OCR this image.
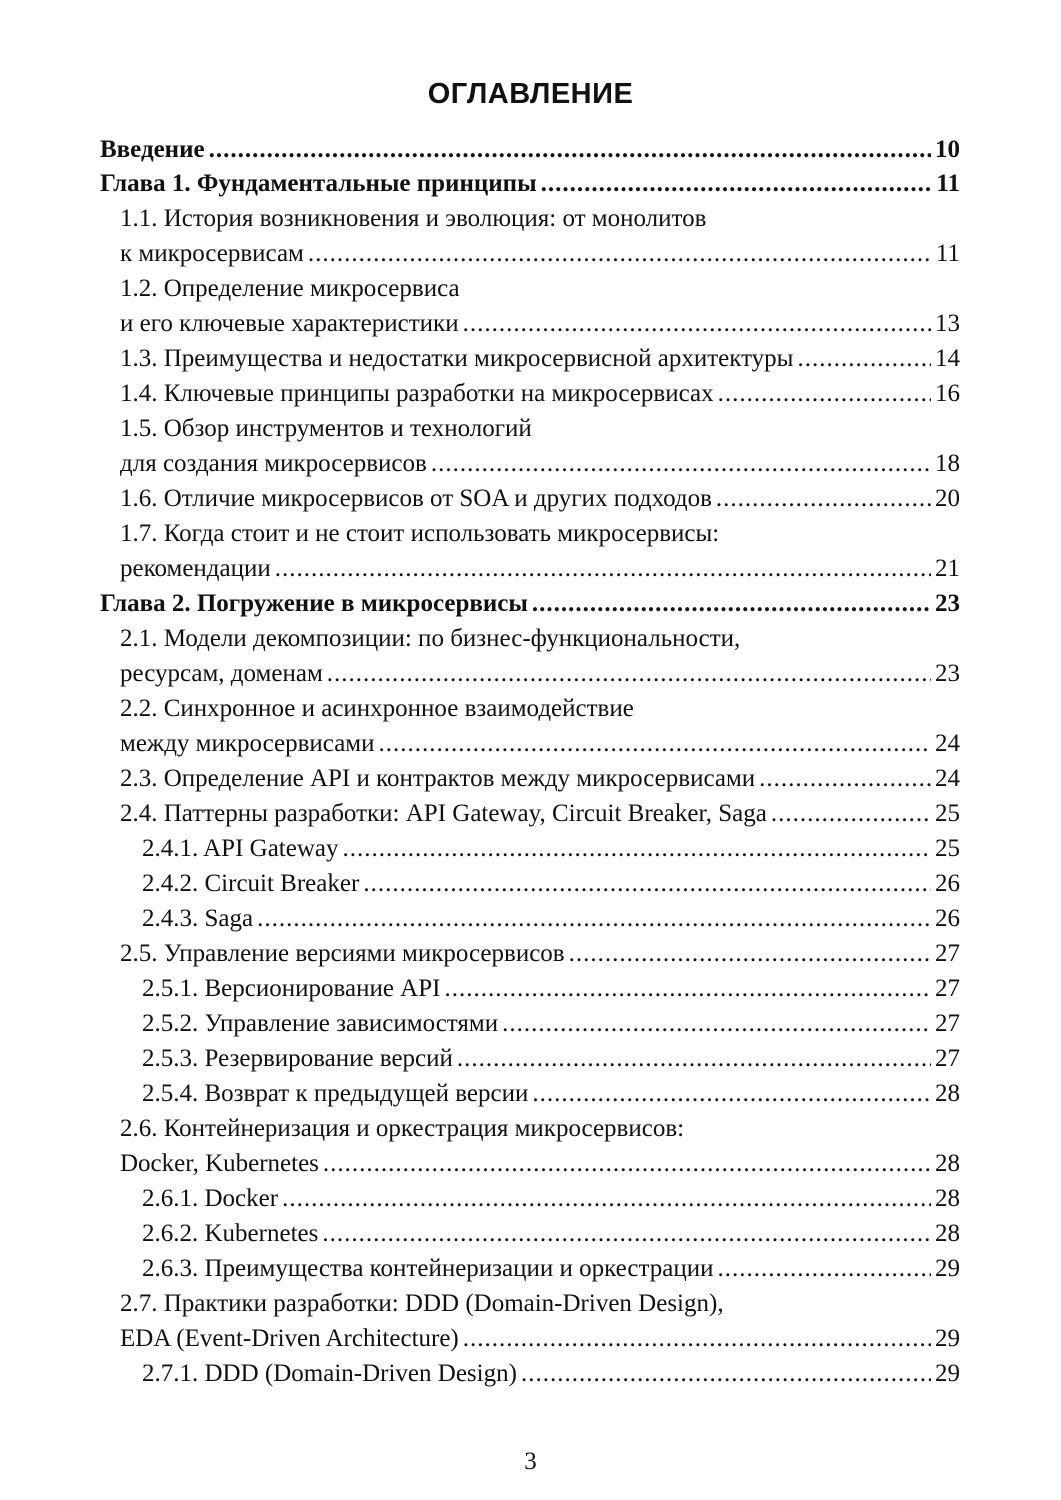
ОГЛАВЛЕНИЕ
Введение .....	10
Глава 1. Фундаментальные принципы .....	11
1.1. История возникновения и эволюция: от монолитов
к микросервисам .....	11
1.2. Определение микросервиса
и его ключевые характеристики .....	13
1.3. Преимущества и недостатки микросервисной архитектуры .....	14
1.4. Ключевые принципы разработки на микросервисах .....	16
1.5. Обзор инструментов и технологий
для создания микросервисов .....	18
1.6. Отличие микросервисов от SOA и других подходов .....	20
1.7. Когда стоит и не стоит использовать микросервисы:
рекомендации .....	21
Глава 2. Погружение в микросервисы .....	23
2.1. Модели декомпозиции: по бизнес-функциональности,
ресурсам, доменам .....	23
2.2. Синхронное и асинхронное взаимодействие
между микросервисами .....	24
2.3. Определение API и контрактов между микросервисами .....	24
2.4. Паттерны разработки: API Gateway, Circuit Breaker, Saga .....	25
2.4.1. API Gateway .....	25
2.4.2. Circuit Breaker .....	26
2.4.3. Saga .....	26
2.5. Управление версиями микросервисов .....	27
2.5.1. Версионирование API .....	27
2.5.2. Управление зависимостями .....	27
2.5.3. Резервирование версий .....	27
2.5.4. Возврат к предыдущей версии .....	28
2.6. Контейнеризация и оркестрация микросервисов:
Docker, Kubernetes .....	28
2.6.1. Docker .....	28
2.6.2. Kubernetes .....	28
2.6.3. Преимущества контейнеризации и оркестрации .....	29
2.7. Практики разработки: DDD (Domain-Driven Design),
EDA (Event-Driven Architecture) .....	29
2.7.1. DDD (Domain-Driven Design) .....	29
3
